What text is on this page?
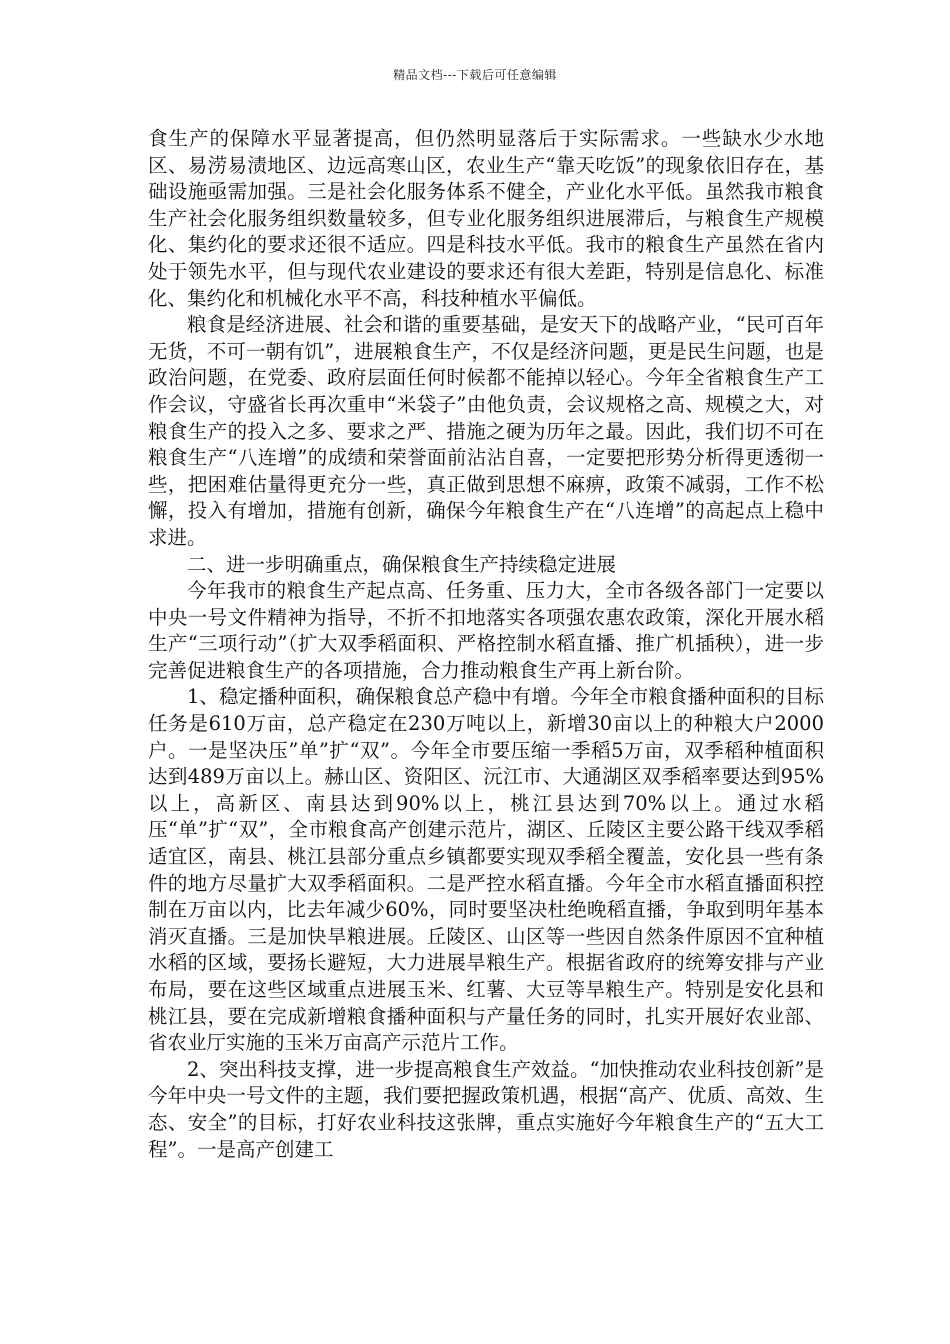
精品文档---下载后可任意编辑

食生产的保障水平显著提高，但仍然明显落后于实际需求。一些缺水少水地区、易涝易渍地区、边远高寒山区，农业生产“靠天吃饭”的现象依旧存在，基础设施亟需加强。三是社会化服务体系不健全，产业化水平低。虽然我市粮食生产社会化服务组织数量较多，但专业化服务组织进展滞后，与粮食生产规模化、集约化的要求还很不适应。四是科技水平低。我市的粮食生产虽然在省内处于领先水平，但与现代农业建设的要求还有很大差距，特别是信息化、标准化、集约化和机械化水平不高，科技种植水平偏低。

粮食是经济进展、社会和谐的重要基础，是安天下的战略产业，“民可百年无货，不可一朝有饥”，进展粮食生产，不仅是经济问题，更是民生问题，也是政治问题，在党委、政府层面任何时候都不能掉以轻心。今年全省粮食生产工作会议，守盛省长再次重申“米袋子”由他负责，会议规格之高、规模之大，对粮食生产的投入之多、要求之严、措施之硬为历年之最。因此，我们切不可在粮食生产“八连增”的成绩和荣誉面前沾沾自喜，一定要把形势分析得更透彻一些，把困难估量得更充分一些，真正做到思想不麻痹，政策不减弱，工作不松懈，投入有增加，措施有创新，确保今年粮食生产在“八连增”的高起点上稳中求进。

二、进一步明确重点，确保粮食生产持续稳定进展

今年我市的粮食生产起点高、任务重、压力大，全市各级各部门一定要以中央一号文件精神为指导，不折不扣地落实各项强农惠农政策，深化开展水稻生产“三项行动”（扩大双季稻面积、严格控制水稻直播、推广机插秧），进一步完善促进粮食生产的各项措施，合力推动粮食生产再上新台阶。

1、稳定播种面积，确保粮食总产稳中有增。今年全市粮食播种面积的目标任务是610万亩，总产稳定在230万吨以上，新增30亩以上的种粮大户2000户。一是坚决压”单”扩“双”。今年全市要压缩一季稻5万亩，双季稻种植面积达到489万亩以上。赫山区、资阳区、沅江市、大通湖区双季稻率要达到95%以上，高新区、南县达到90%以上，桃江县达到70%以上。通过水稻压“单”扩“双”，全市粮食高产创建示范片，湖区、丘陵区主要公路干线双季稻适宜区，南县、桃江县部分重点乡镇都要实现双季稻全覆盖，安化县一些有条件的地方尽量扩大双季稻面积。二是严控水稻直播。今年全市水稻直播面积控制在万亩以内，比去年减少60%，同时要坚决杜绝晚稻直播，争取到明年基本消灭直播。三是加快旱粮进展。丘陵区、山区等一些因自然条件原因不宜种植水稻的区域，要扬长避短，大力进展旱粮生产。根据省政府的统筹安排与产业布局，要在这些区域重点进展玉米、红薯、大豆等旱粮生产。特别是安化县和桃江县，要在完成新增粮食播种面积与产量任务的同时，扎实开展好农业部、省农业厅实施的玉米万亩高产示范片工作。

2、突出科技支撑，进一步提高粮食生产效益。“加快推动农业科技创新”是今年中央一号文件的主题，我们要把握政策机遇，根据“高产、优质、高效、生态、安全”的目标，打好农业科技这张牌，重点实施好今年粮食生产的“五大工程”。一是高产创建工
